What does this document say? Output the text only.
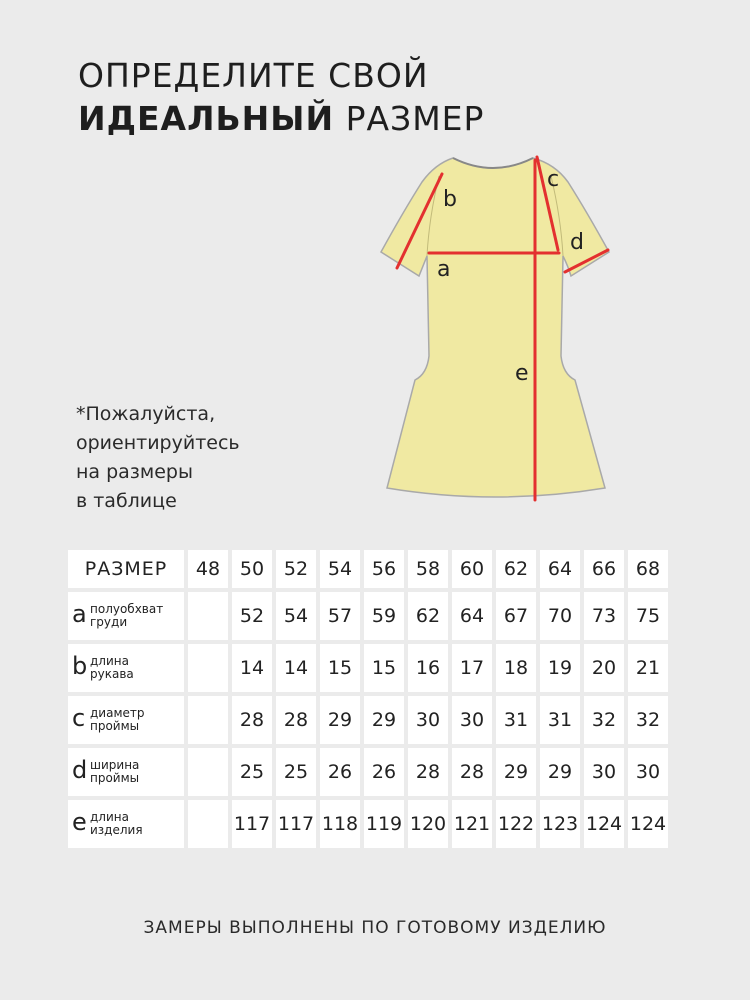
ОПРЕДЕЛИТЕ СВОЙ
ИДЕАЛЬНЫЙ РАЗМЕР
*Пожалуйста,
ориентируйтесь
на размеры
в таблице
a
b
c
d
e
РАЗМЕР	48	50	52	54	56	58	60	62	64	66	68

a полуобхват
груди		52	54	57	59	62	64	67	70	73	75

b длина
рукава		14	14	15	15	16	17	18	19	20	21

c диаметр
проймы		28	28	29	29	30	30	31	31	32	32

d ширина
проймы		25	25	26	26	28	28	29	29	30	30

e длина
изделия		117	117	118	119	120	121	122	123	124	124
ЗАМЕРЫ ВЫПОЛНЕНЫ ПО ГОТОВОМУ ИЗДЕЛИЮ
